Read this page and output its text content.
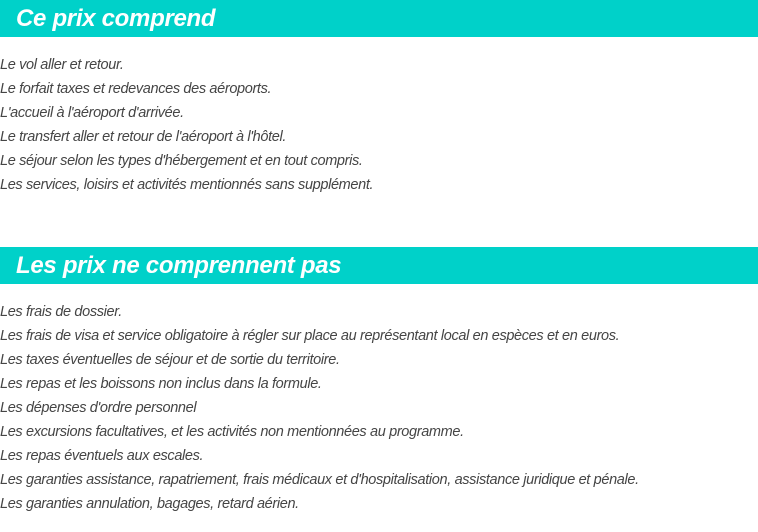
Ce prix comprend
Le vol aller et retour.
Le forfait taxes et redevances des aéroports.
L'accueil à l'aéroport d'arrivée.
Le transfert aller et retour de l'aéroport à l'hôtel.
Le séjour selon les types d'hébergement et en tout compris.
Les services, loisirs et activités mentionnés sans supplément.
Les prix ne comprennent pas
Les frais de dossier.
Les frais de visa et service obligatoire à régler sur place au représentant local en espèces et en euros.
Les taxes éventuelles de séjour et de sortie du territoire.
Les repas et les boissons non inclus dans la formule.
Les dépenses d'ordre personnel
Les excursions facultatives, et les activités non mentionnées au programme.
Les repas éventuels aux escales.
Les garanties assistance, rapatriement, frais médicaux et d'hospitalisation, assistance juridique et pénale.
Les garanties annulation, bagages, retard aérien.
